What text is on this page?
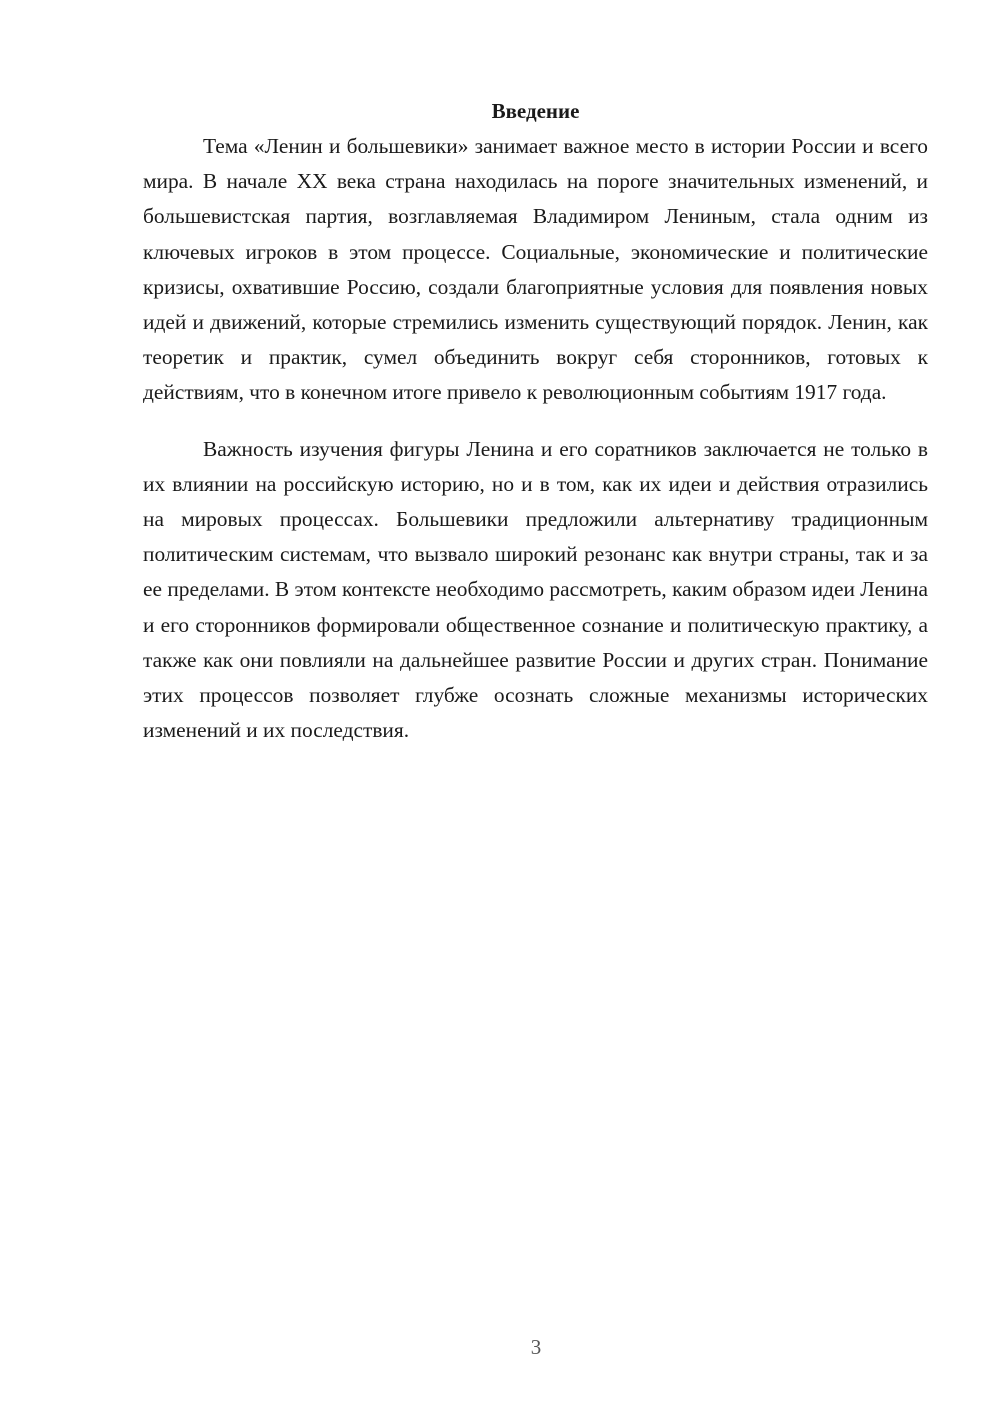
Введение

Тема «Ленин и большевики» занимает важное место в истории России и всего мира. В начале XX века страна находилась на пороге значительных изменений, и большевистская партия, возглавляемая Владимиром Лениным, стала одним из ключевых игроков в этом процессе. Социальные, экономические и политические кризисы, охватившие Россию, создали благоприятные условия для появления новых идей и движений, которые стремились изменить существующий порядок. Ленин, как теоретик и практик, сумел объединить вокруг себя сторонников, готовых к действиям, что в конечном итоге привело к революционным событиям 1917 года.

Важность изучения фигуры Ленина и его соратников заключается не только в их влиянии на российскую историю, но и в том, как их идеи и действия отразились на мировых процессах. Большевики предложили альтернативу традиционным политическим системам, что вызвало широкий резонанс как внутри страны, так и за ее пределами. В этом контексте необходимо рассмотреть, каким образом идеи Ленина и его сторонников формировали общественное сознание и политическую практику, а также как они повлияли на дальнейшее развитие России и других стран. Понимание этих процессов позволяет глубже осознать сложные механизмы исторических изменений и их последствия.

3
